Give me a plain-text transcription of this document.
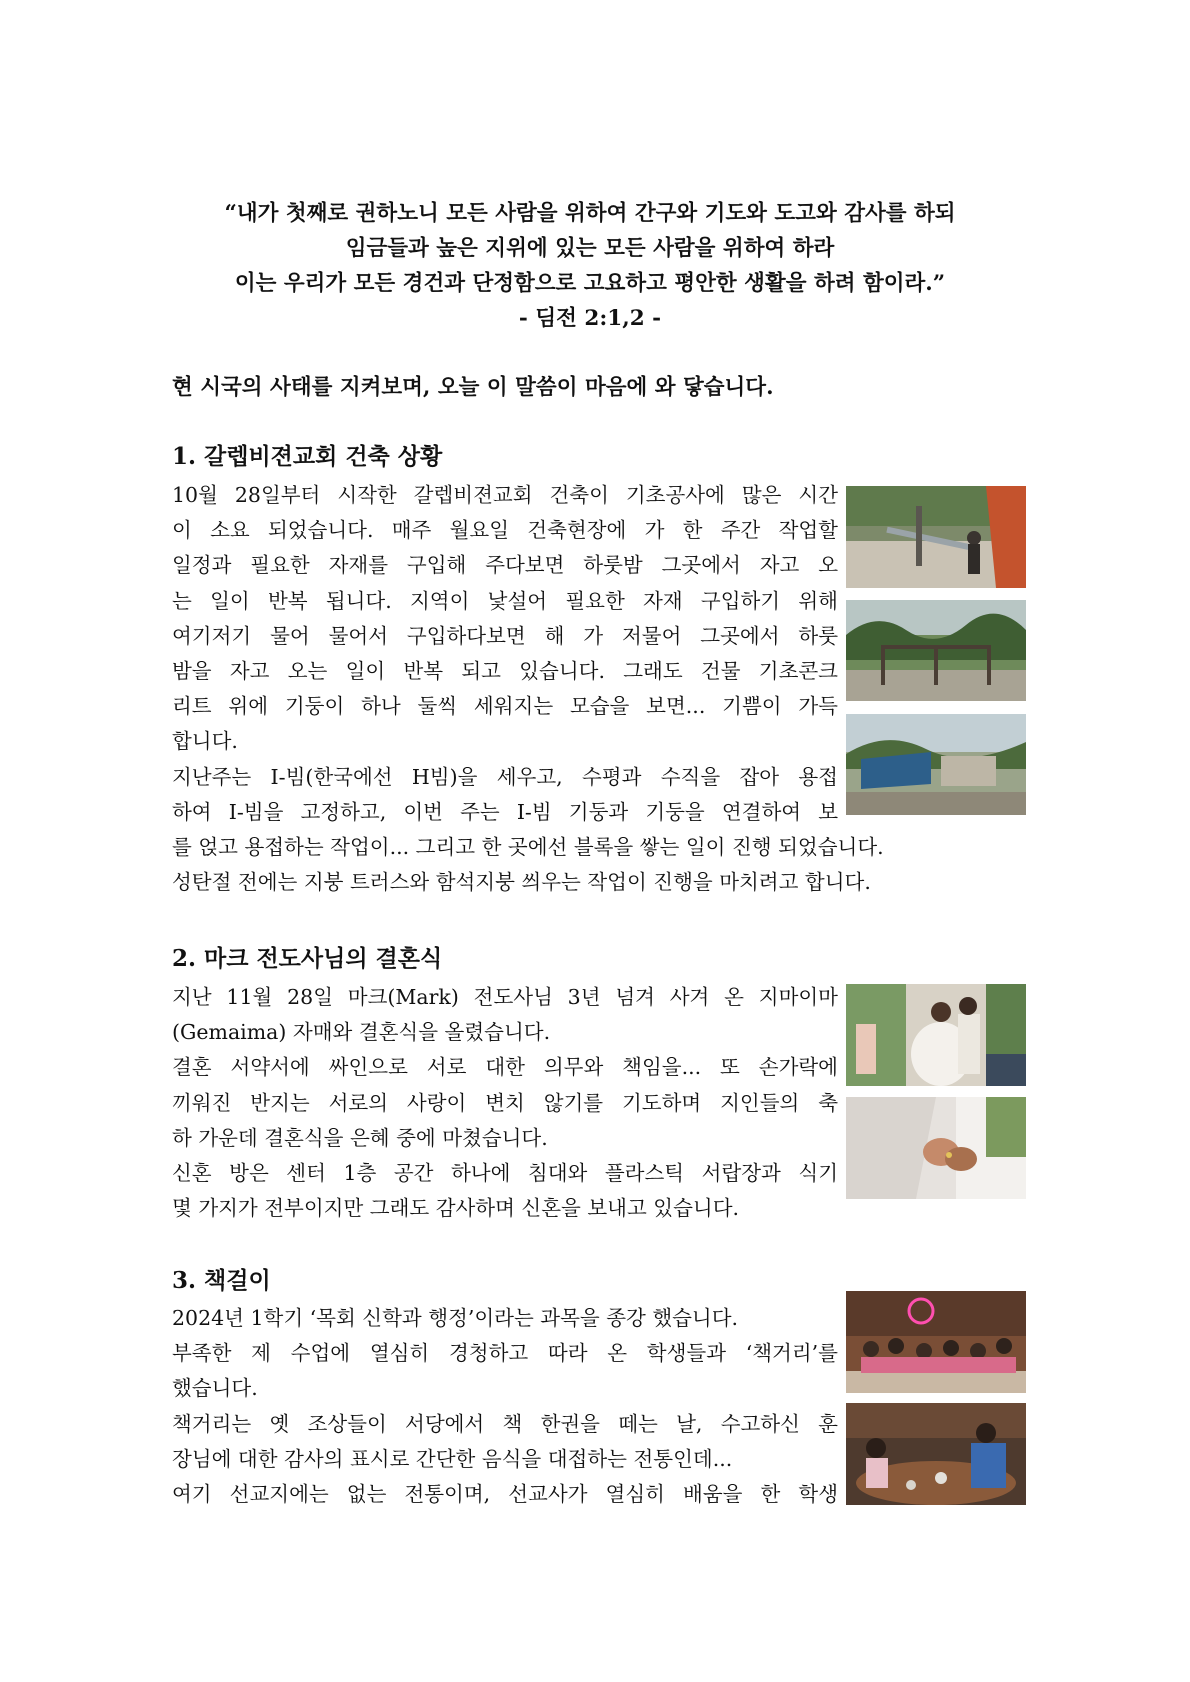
“내가 첫째로 권하노니 모든 사람을 위하여 간구와 기도와 도고와 감사를 하되
임금들과 높은 지위에 있는 모든 사람을 위하여 하라
이는 우리가 모든 경건과 단정함으로 고요하고 평안한 생활을 하려 함이라.”
- 딤전 2:1,2 -
현 시국의 사태를 지켜보며, 오늘 이 말씀이 마음에 와 닿습니다.
1. 갈렙비젼교회 건축 상황
10월 28일부터 시작한 갈렙비젼교회 건축이 기초공사에 많은 시간
이 소요 되었습니다. 매주 월요일 건축현장에 가 한 주간 작업할
일정과 필요한 자재를 구입해 주다보면 하룻밤 그곳에서 자고 오
는 일이 반복 됩니다. 지역이 낯설어 필요한 자재 구입하기 위해
여기저기 물어 물어서 구입하다보면 해 가 저물어 그곳에서 하룻
밤을 자고 오는 일이 반복 되고 있습니다. 그래도 건물 기초콘크
리트 위에 기둥이 하나 둘씩 세워지는 모습을 보면... 기쁨이 가득
합니다.
지난주는 I-빔(한국에선 H빔)을 세우고, 수평과 수직을 잡아 용접
하여 I-빔을 고정하고, 이번 주는 I-빔 기둥과 기둥을 연결하여 보
를 얹고 용접하는 작업이... 그리고 한 곳에선 블록을 쌓는 일이 진행 되었습니다.
성탄절 전에는 지붕 트러스와 함석지붕 씌우는 작업이 진행을 마치려고 합니다.
2. 마크 전도사님의 결혼식
지난 11월 28일 마크(Mark) 전도사님 3년 넘겨 사겨 온 지마이마
(Gemaima) 자매와 결혼식을 올렸습니다.
결혼 서약서에 싸인으로 서로 대한 의무와 책임을... 또 손가락에
끼워진 반지는 서로의 사랑이 변치 않기를 기도하며 지인들의 축
하 가운데 결혼식을 은혜 중에 마쳤습니다.
신혼 방은 센터 1층 공간 하나에 침대와 플라스틱 서랍장과 식기
몇 가지가 전부이지만 그래도 감사하며 신혼을 보내고 있습니다.
3. 책걸이
2024년 1학기 ‘목회 신학과 행정’이라는 과목을 종강 했습니다.
부족한 제 수업에 열심히 경청하고 따라 온 학생들과 ‘책거리’를
했습니다.
책거리는 옛 조상들이 서당에서 책 한권을 떼는 날, 수고하신 훈
장님에 대한 감사의 표시로 간단한 음식을 대접하는 전통인데...
여기 선교지에는 없는 전통이며, 선교사가 열심히 배움을 한 학생
